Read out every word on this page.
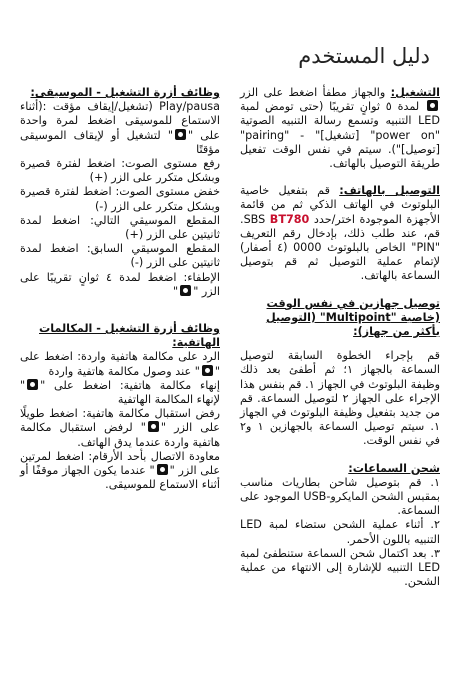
دليل المستخدم

التشغيل: والجهاز مطفأ اضغط على الزر  لمدة ٥ ثوانٍ تقريبًا (حتى تومض لمبة LED التنبيه وتسمع رسالة التنبيه الصوتية "power on" [تشغيل]" - "pairing" [توصيل]"). سيتم في نفس الوقت تفعيل طريقة التوصيل بالهاتف.

التوصيل بالهاتف: قم بتفعيل خاصية البلوتوث في الهاتف الذكي ثم من قائمة الأجهزة الموجودة اختر/حدد SBS BT780. قم، عند طلب ذلك، بإدخال رقم التعريف "PIN" الخاص بالبلوتوث 0000 (٤ أصفار) لإتمام عملية التوصيل ثم قم بتوصيل السماعة بالهاتف.

توصيل جهازين في نفس الوقت (خاصية "Multipoint" (التوصيل بأكثر من جهاز):

قم بإجراء الخطوة السابقة لتوصيل السماعة بالجهاز ١؛ ثم أطفئ بعد ذلك وظيفة البلوتوث في الجهاز ١. قم بنفس هذا الإجراء على الجهاز ٢ لتوصيل السماعة. قم من جديد بتفعيل وظيفة البلوتوث في الجهاز ١. سيتم توصيل السماعة بالجهازين ١ و٢ في نفس الوقت.

شحن السماعات:

١. قم بتوصيل شاحن بطاريات مناسب بمقبس الشحن المايكرو-USB الموجود على السماعة.

٢. أثناء عملية الشحن ستضاء لمبة LED التنبيه باللون الأحمر.

٣. بعد اكتمال شحن السماعة ستنطفئ لمبة LED التنبيه للإشارة إلى الانتهاء من عملية الشحن.

وظائف أزرة التشغيل - الموسيقى:

Play/pausa (تشغيل/إيقاف مؤقت :(أثناء الاستماع للموسيقى اضغط لمرة واحدة على "" لتشغيل أو لإيقاف الموسيقى مؤقتًا

رفع مستوى الصوت: اضغط لفترة قصيرة وبشكل متكرر على الزر (+)

خفض مستوى الصوت: اضغط لفترة قصيرة وبشكل متكرر على الزر (-)

المقطع الموسيقي التالي: اضغط لمدة ثانيتين على الزر (+)

المقطع الموسيقي السابق: اضغط لمدة ثانيتين على الزر (-)

الإطفاء: اضغط لمدة ٤ ثوانٍ تقريبًا على الزر ""

وظائف أزرة التشغيل - المكالمات الهاتفية:

الرد على مكالمة هاتفية واردة: اضغط على "" عند وصول مكالمة هاتفية واردة

إنهاء مكالمة هاتفية: اضغط على "" لإنهاء المكالمة الهاتفية

رفض استقبال مكالمة هاتفية: اضغط طويلًا على الزر "" لرفض استقبال مكالمة هاتفية واردة عندما يدق الهاتف.

معاودة الاتصال بأحد الأرقام: اضغط لمرتين على الزر "" عندما يكون الجهاز موقفًا أو أثناء الاستماع للموسيقى.
